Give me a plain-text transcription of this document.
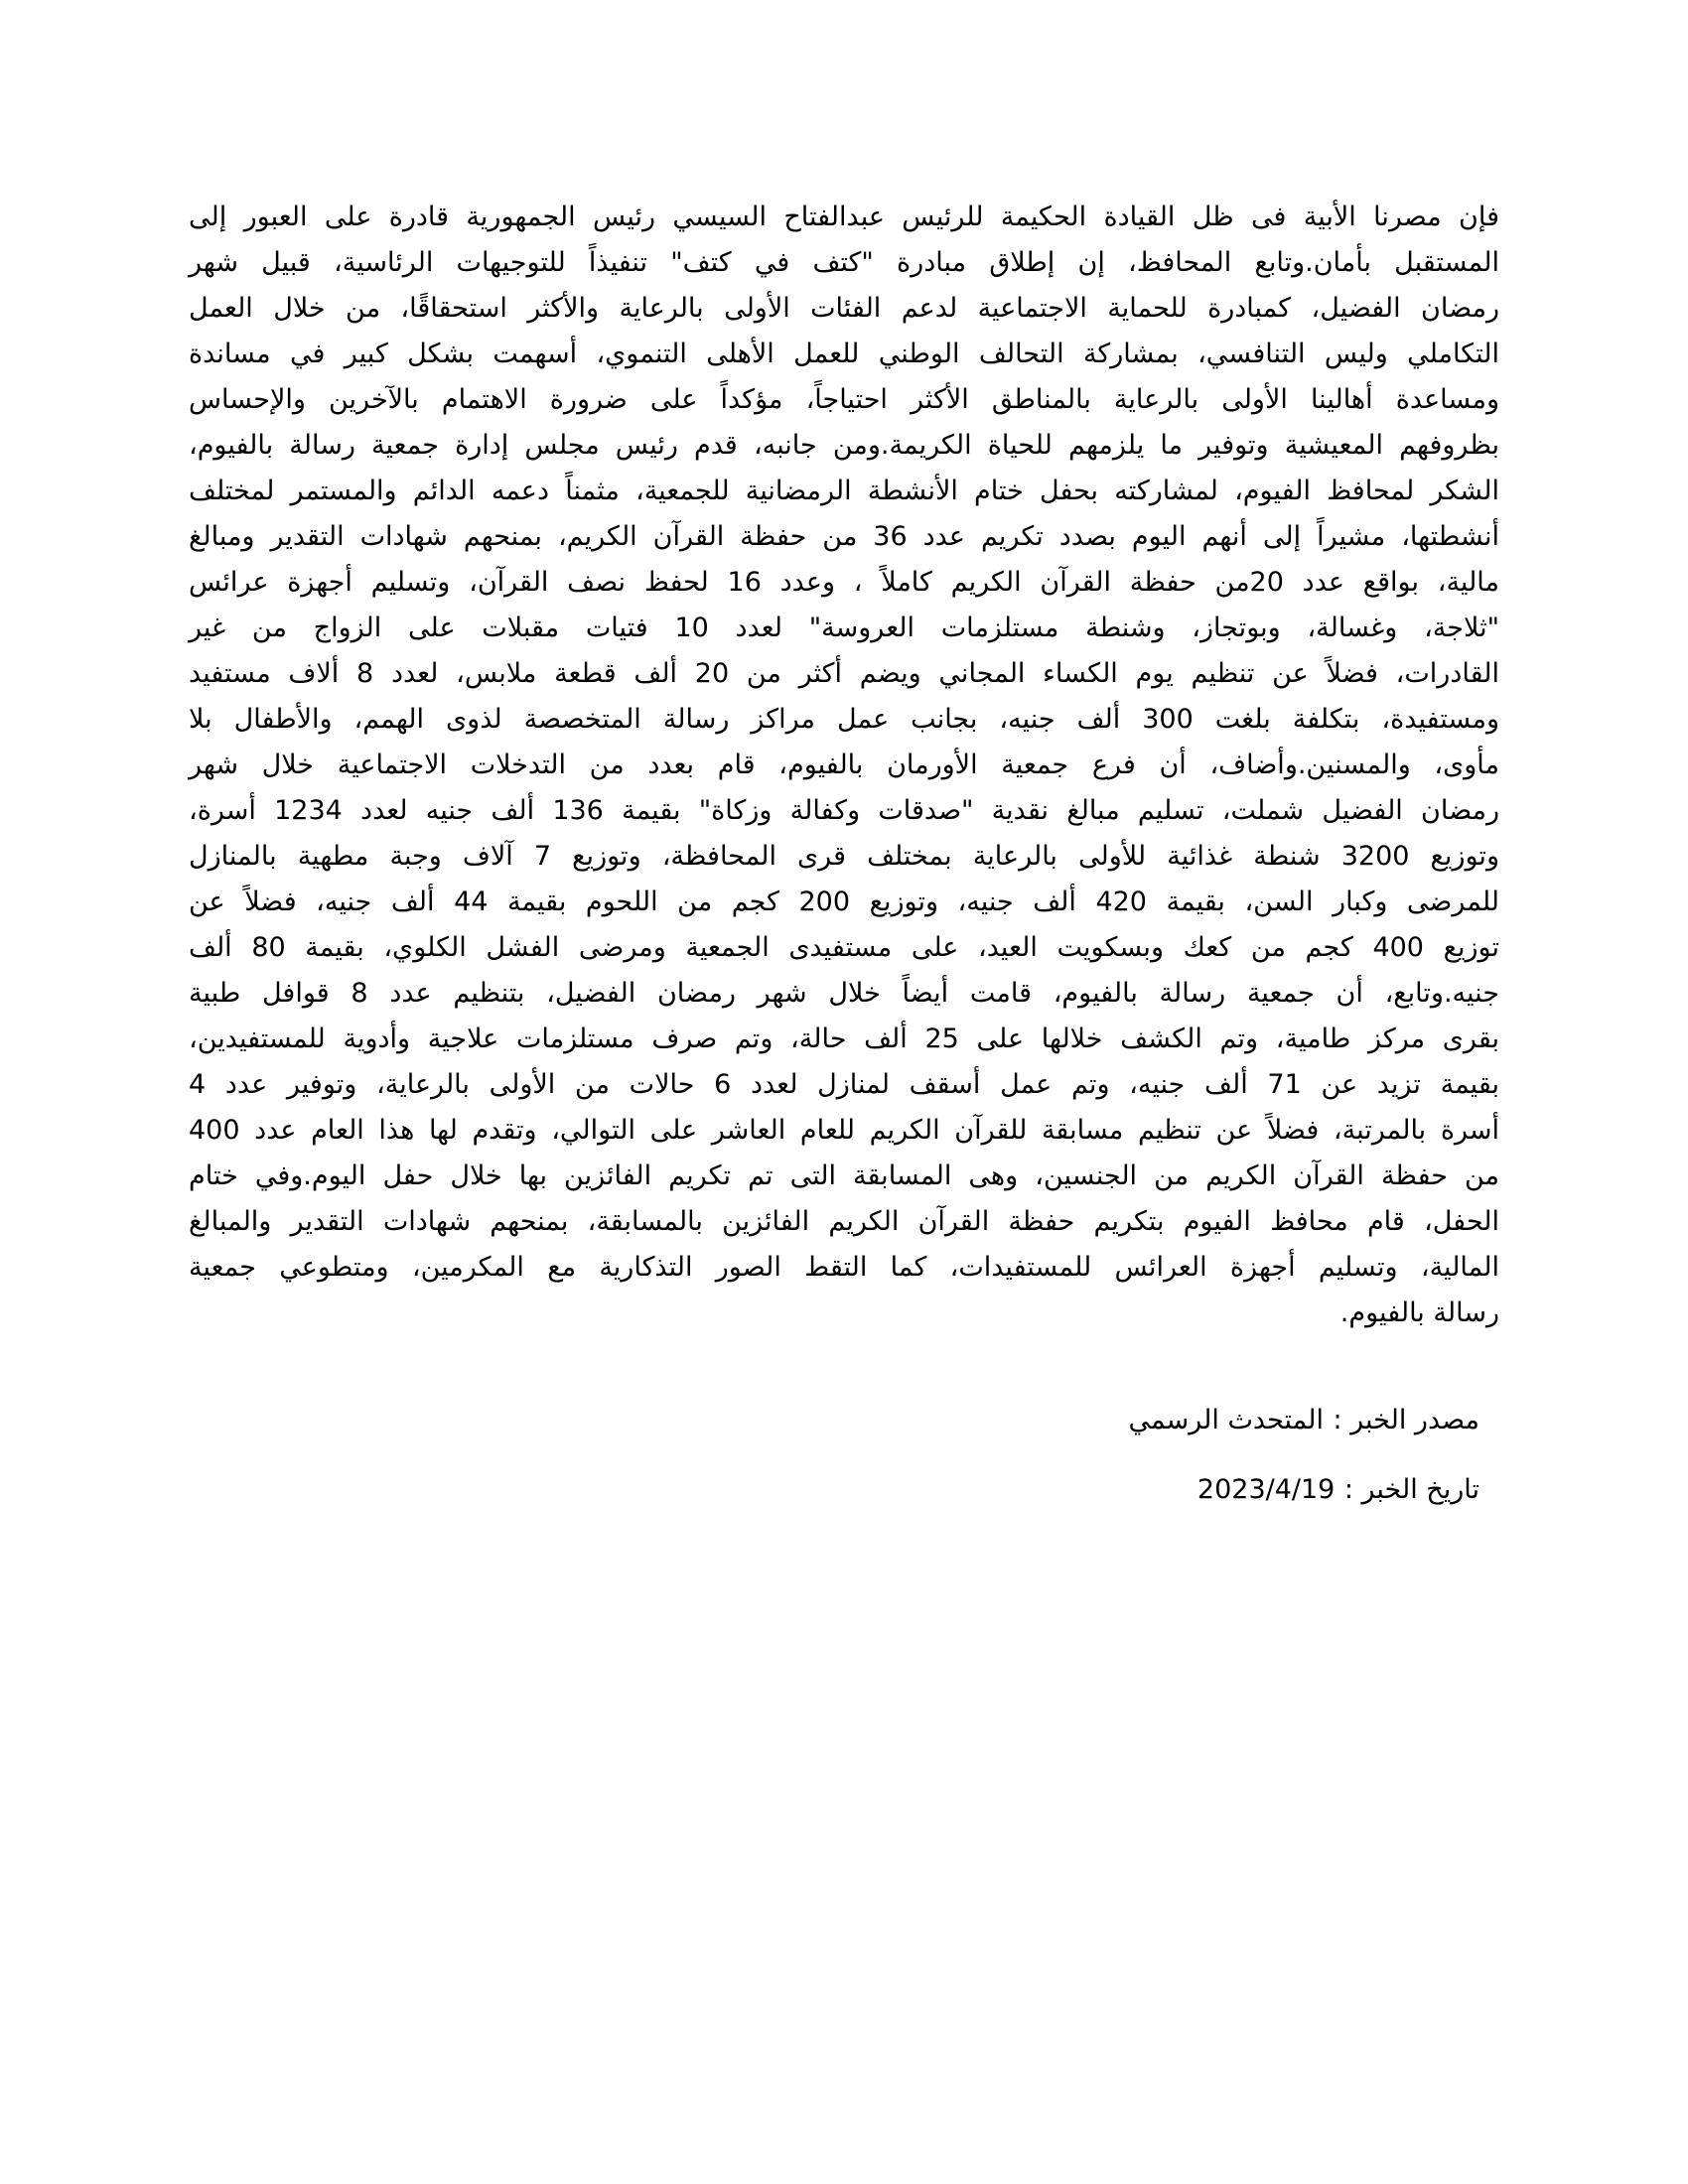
فإن مصرنا الأبية فى ظل القيادة الحكيمة للرئيس عبدالفتاح السيسي رئيس الجمهورية قادرة على العبور إلى
المستقبل بأمان.وتابع المحافظ، إن إطلاق مبادرة "كتف في كتف" تنفيذاً للتوجيهات الرئاسية، قبيل شهر
رمضان الفضيل، كمبادرة للحماية الاجتماعية لدعم الفئات الأولى بالرعاية والأكثر استحقاقًا، من خلال العمل
التكاملي وليس التنافسي، بمشاركة التحالف الوطني للعمل الأهلى التنموي، أسهمت بشكل كبير في مساندة
ومساعدة أهالينا الأولى بالرعاية بالمناطق الأكثر احتياجاً، مؤكداً على ضرورة الاهتمام بالآخرين والإحساس
بظروفهم المعيشية وتوفير ما يلزمهم للحياة الكريمة.ومن جانبه، قدم رئيس مجلس إدارة جمعية رسالة بالفيوم،
الشكر لمحافظ الفيوم، لمشاركته بحفل ختام الأنشطة الرمضانية للجمعية، مثمناً دعمه الدائم والمستمر لمختلف
أنشطتها، مشيراً إلى أنهم اليوم بصدد تكريم عدد 36 من حفظة القرآن الكريم، بمنحهم شهادات التقدير ومبالغ
مالية، بواقع عدد 20من حفظة القرآن الكريم كاملاً ، وعدد 16 لحفظ نصف القرآن، وتسليم أجهزة عرائس
"ثلاجة، وغسالة، وبوتجاز، وشنطة مستلزمات العروسة" لعدد 10 فتيات مقبلات على الزواج من غير
القادرات، فضلاً عن تنظيم يوم الكساء المجاني ويضم أكثر من 20 ألف قطعة ملابس، لعدد 8 ألاف مستفيد
ومستفيدة، بتكلفة بلغت 300 ألف جنيه، بجانب عمل مراكز رسالة المتخصصة لذوى الهمم، والأطفال بلا
مأوى، والمسنين.وأضاف، أن فرع جمعية الأورمان بالفيوم، قام بعدد من التدخلات الاجتماعية خلال شهر
رمضان الفضيل شملت، تسليم مبالغ نقدية "صدقات وكفالة وزكاة" بقيمة 136 ألف جنيه لعدد 1234 أسرة،
وتوزيع 3200 شنطة غذائية للأولى بالرعاية بمختلف قرى المحافظة، وتوزيع 7 آلاف وجبة مطهية بالمنازل
للمرضى وكبار السن، بقيمة 420 ألف جنيه، وتوزيع 200 كجم من اللحوم بقيمة 44 ألف جنيه، فضلاً عن
توزيع 400 كجم من كعك وبسكويت العيد، على مستفيدى الجمعية ومرضى الفشل الكلوي، بقيمة 80 ألف
جنيه.وتابع، أن جمعية رسالة بالفيوم، قامت أيضاً خلال شهر رمضان الفضيل، بتنظيم عدد 8 قوافل طبية
بقرى مركز طامية، وتم الكشف خلالها على 25 ألف حالة، وتم صرف مستلزمات علاجية وأدوية للمستفيدين،
بقيمة تزيد عن 71 ألف جنيه، وتم عمل أسقف لمنازل لعدد 6 حالات من الأولى بالرعاية، وتوفير عدد 4
أسرة بالمرتبة، فضلاً عن تنظيم مسابقة للقرآن الكريم للعام العاشر على التوالي، وتقدم لها هذا العام عدد 400
من حفظة القرآن الكريم من الجنسين، وهى المسابقة التى تم تكريم الفائزين بها خلال حفل اليوم.وفي ختام
الحفل، قام محافظ الفيوم بتكريم حفظة القرآن الكريم الفائزين بالمسابقة، بمنحهم شهادات التقدير والمبالغ
المالية، وتسليم أجهزة العرائس للمستفيدات، كما التقط الصور التذكارية مع المكرمين، ومتطوعي جمعية
رسالة بالفيوم.
مصدر الخبر :
المتحدث الرسمي
تاريخ الخبر :
2023/4/19
